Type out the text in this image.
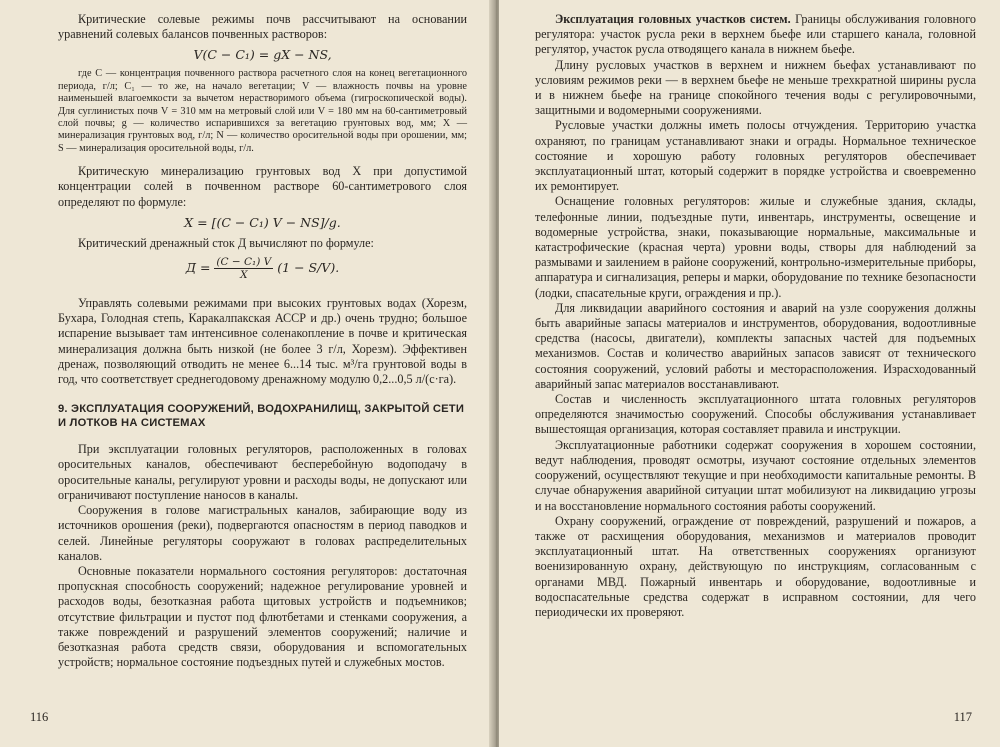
Критические солевые режимы почв рассчитывают на основании уравнений солевых балансов почвенных растворов:

V(C − C₁) = gX − NS,

где C — концентрация почвенного раствора расчетного слоя на конец вегетационного периода, г/л; C₁ — то же, на начало вегетации; V — влажность почвы на уровне наименьшей влагоемкости за вычетом нерастворимого объема (гигроскопической воды). Для суглинистых почв V = 310 мм на метровый слой или V = 180 мм на 60-сантиметровый слой почвы; g — количество испарившихся за вегетацию грунтовых вод, мм; X — минерализация грунтовых вод, г/л; N — количество оросительной воды при орошении, мм; S — минерализация оросительной воды, г/л.

Критическую минерализацию грунтовых вод X при допустимой концентрации солей в почвенном растворе 60-сантиметрового слоя определяют по формуле:

X = [(C − C₁) V − NS]/g.

Критический дренажный сток Д вычисляют по формуле:

$Д = \frac{\text{(C − C₁) V}}{X} (1 - S/V)$.

Управлять солевыми режимами при высоких грунтовых водах (Хорезм, Бухара, Голодная степь, Каракалпакская АССР и др.) очень трудно; большое испарение вызывает там интенсивное соленакопление в почве и критическая минерализация должна быть низкой (не более 3 г/л, Хорезм). Эффективен дренаж, позволяющий отводить не менее 6...14 тыс. м³/га грунтовой воды в год, что соответствует среднегодовому дренажному модулю 0,2...0,5 л/(с·га).

9. ЭКСПЛУАТАЦИЯ СООРУЖЕНИЙ, ВОДОХРАНИЛИЩ, ЗАКРЫТОЙ СЕТИ И ЛОТКОВ НА СИСТЕМАХ

При эксплуатации головных регуляторов, расположенных в головах оросительных каналов, обеспечивают бесперебойную водоподачу в оросительные каналы, регулируют уровни и расходы воды, не допускают или ограничивают поступление наносов в каналы.

Сооружения в голове магистральных каналов, забирающие воду из источников орошения (реки), подвергаются опасностям в период паводков и селей. Линейные регуляторы сооружают в головах распределительных каналов.

Основные показатели нормального состояния регуляторов: достаточная пропускная способность сооружений; надежное регулирование уровней и расходов воды, безотказная работа щитовых устройств и подъемников; отсутствие фильтрации и пустот под флютбетами и стенками сооружения, а также повреждений и разрушений элементов сооружений; наличие и безотказная работа средств связи, оборудования и вспомогательных устройств; нормальное состояние подъездных путей и служебных мостов.

116

Эксплуатация головных участков систем. Границы обслуживания головного регулятора: участок русла реки в верхнем бьефе или старшего канала, головной регулятор, участок русла отводящего канала в нижнем бьефе.

Длину русловых участков в верхнем и нижнем бьефах устанавливают по условиям режимов реки — в верхнем бьефе не меньше трехкратной ширины русла и в нижнем бьефе на границе спокойного течения воды с регулировочными, защитными и водомерными сооружениями.

Русловые участки должны иметь полосы отчуждения. Территорию участка охраняют, по границам устанавливают знаки и ограды. Нормальное техническое состояние и хорошую работу головных регуляторов обеспечивает эксплуатационный штат, который содержит в порядке устройства и своевременно их ремонтирует.

Оснащение головных регуляторов: жилые и служебные здания, склады, телефонные линии, подъездные пути, инвентарь, инструменты, освещение и водомерные устройства, знаки, показывающие нормальные, максимальные и катастрофические (красная черта) уровни воды, створы для наблюдений за размывами и заилением в районе сооружений, контрольно-измерительные приборы, аппаратура и сигнализация, реперы и марки, оборудование по технике безопасности (лодки, спасательные круги, ограждения и пр.).

Для ликвидации аварийного состояния и аварий на узле сооружения должны быть аварийные запасы материалов и инструментов, оборудования, водоотливные средства (насосы, двигатели), комплекты запасных частей для подъемных механизмов. Состав и количество аварийных запасов зависят от технического состояния сооружений, условий работы и месторасположения. Израсходованный аварийный запас материалов восстанавливают.

Состав и численность эксплуатационного штата головных регуляторов определяются значимостью сооружений. Способы обслуживания устанавливает вышестоящая организация, которая составляет правила и инструкции.

Эксплуатационные работники содержат сооружения в хорошем состоянии, ведут наблюдения, проводят осмотры, изучают состояние отдельных элементов сооружений, осуществляют текущие и при необходимости капитальные ремонты. В случае обнаружения аварийной ситуации штат мобилизуют на ликвидацию угрозы и на восстановление нормального состояния работы сооружений.

Охрану сооружений, ограждение от повреждений, разрушений и пожаров, а также от расхищения оборудования, механизмов и материалов проводит эксплуатационный штат. На ответственных сооружениях организуют военизированную охрану, действующую по инструкциям, согласованным с органами МВД. Пожарный инвентарь и оборудование, водоотливные и водоспасательные средства содержат в исправном состоянии, для чего периодически их проверяют.

117
